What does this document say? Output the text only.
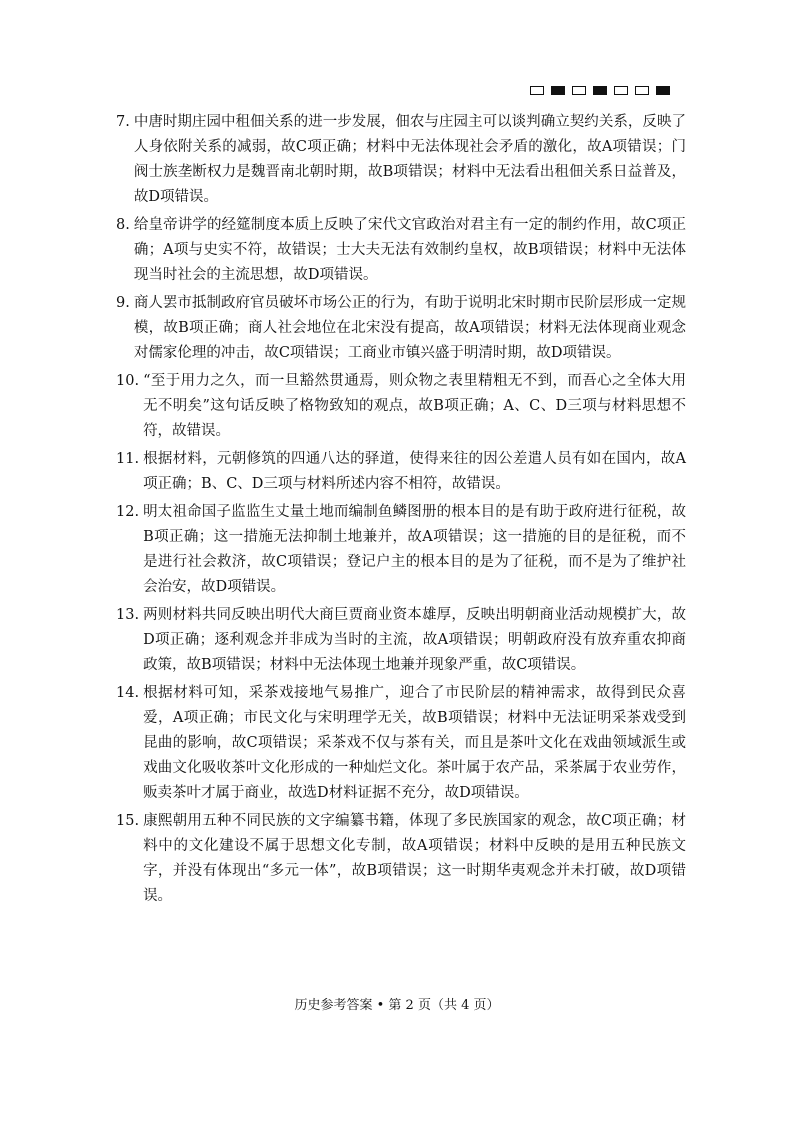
7. 中唐时期庄园中租佃关系的进一步发展，佃农与庄园主可以谈判确立契约关系，反映了人身依附关系的减弱，故C项正确；材料中无法体现社会矛盾的激化，故A项错误；门阀士族垄断权力是魏晋南北朝时期，故B项错误；材料中无法看出租佃关系日益普及，故D项错误。
8. 给皇帝讲学的经筵制度本质上反映了宋代文官政治对君主有一定的制约作用，故C项正确；A项与史实不符，故错误；士大夫无法有效制约皇权，故B项错误；材料中无法体现当时社会的主流思想，故D项错误。
9. 商人罢市抵制政府官员破坏市场公正的行为，有助于说明北宋时期市民阶层形成一定规模，故B项正确；商人社会地位在北宋没有提高，故A项错误；材料无法体现商业观念对儒家伦理的冲击，故C项错误；工商业市镇兴盛于明清时期，故D项错误。
10. “至于用力之久，而一旦豁然贯通焉，则众物之表里精粗无不到，而吾心之全体大用无不明矣”这句话反映了格物致知的观点，故B项正确；A、C、D三项与材料思想不符，故错误。
11. 根据材料，元朝修筑的四通八达的驿道，使得来往的因公差遣人员有如在国内，故A项正确；B、C、D三项与材料所述内容不相符，故错误。
12. 明太祖命国子监监生丈量土地而编制鱼鳞图册的根本目的是有助于政府进行征税，故B项正确；这一措施无法抑制土地兼并，故A项错误；这一措施的目的是征税，而不是进行社会救济，故C项错误；登记户主的根本目的是为了征税，而不是为了维护社会治安，故D项错误。
13. 两则材料共同反映出明代大商巨贾商业资本雄厚，反映出明朝商业活动规模扩大，故D项正确；逐利观念并非成为当时的主流，故A项错误；明朝政府没有放弃重农抑商政策，故B项错误；材料中无法体现土地兼并现象严重，故C项错误。
14. 根据材料可知，采茶戏接地气易推广，迎合了市民阶层的精神需求，故得到民众喜爱，A项正确；市民文化与宋明理学无关，故B项错误；材料中无法证明采茶戏受到昆曲的影响，故C项错误；采茶戏不仅与茶有关，而且是茶叶文化在戏曲领域派生或戏曲文化吸收茶叶文化形成的一种灿烂文化。茶叶属于农产品，采茶属于农业劳作，贩卖茶叶才属于商业，故选D材料证据不充分，故D项错误。
15. 康熙朝用五种不同民族的文字编纂书籍，体现了多民族国家的观念，故C项正确；材料中的文化建设不属于思想文化专制，故A项错误；材料中反映的是用五种民族文字，并没有体现出“多元一体”，故B项错误；这一时期华夷观念并未打破，故D项错误。
历史参考答案 • 第 2 页（共 4 页）
